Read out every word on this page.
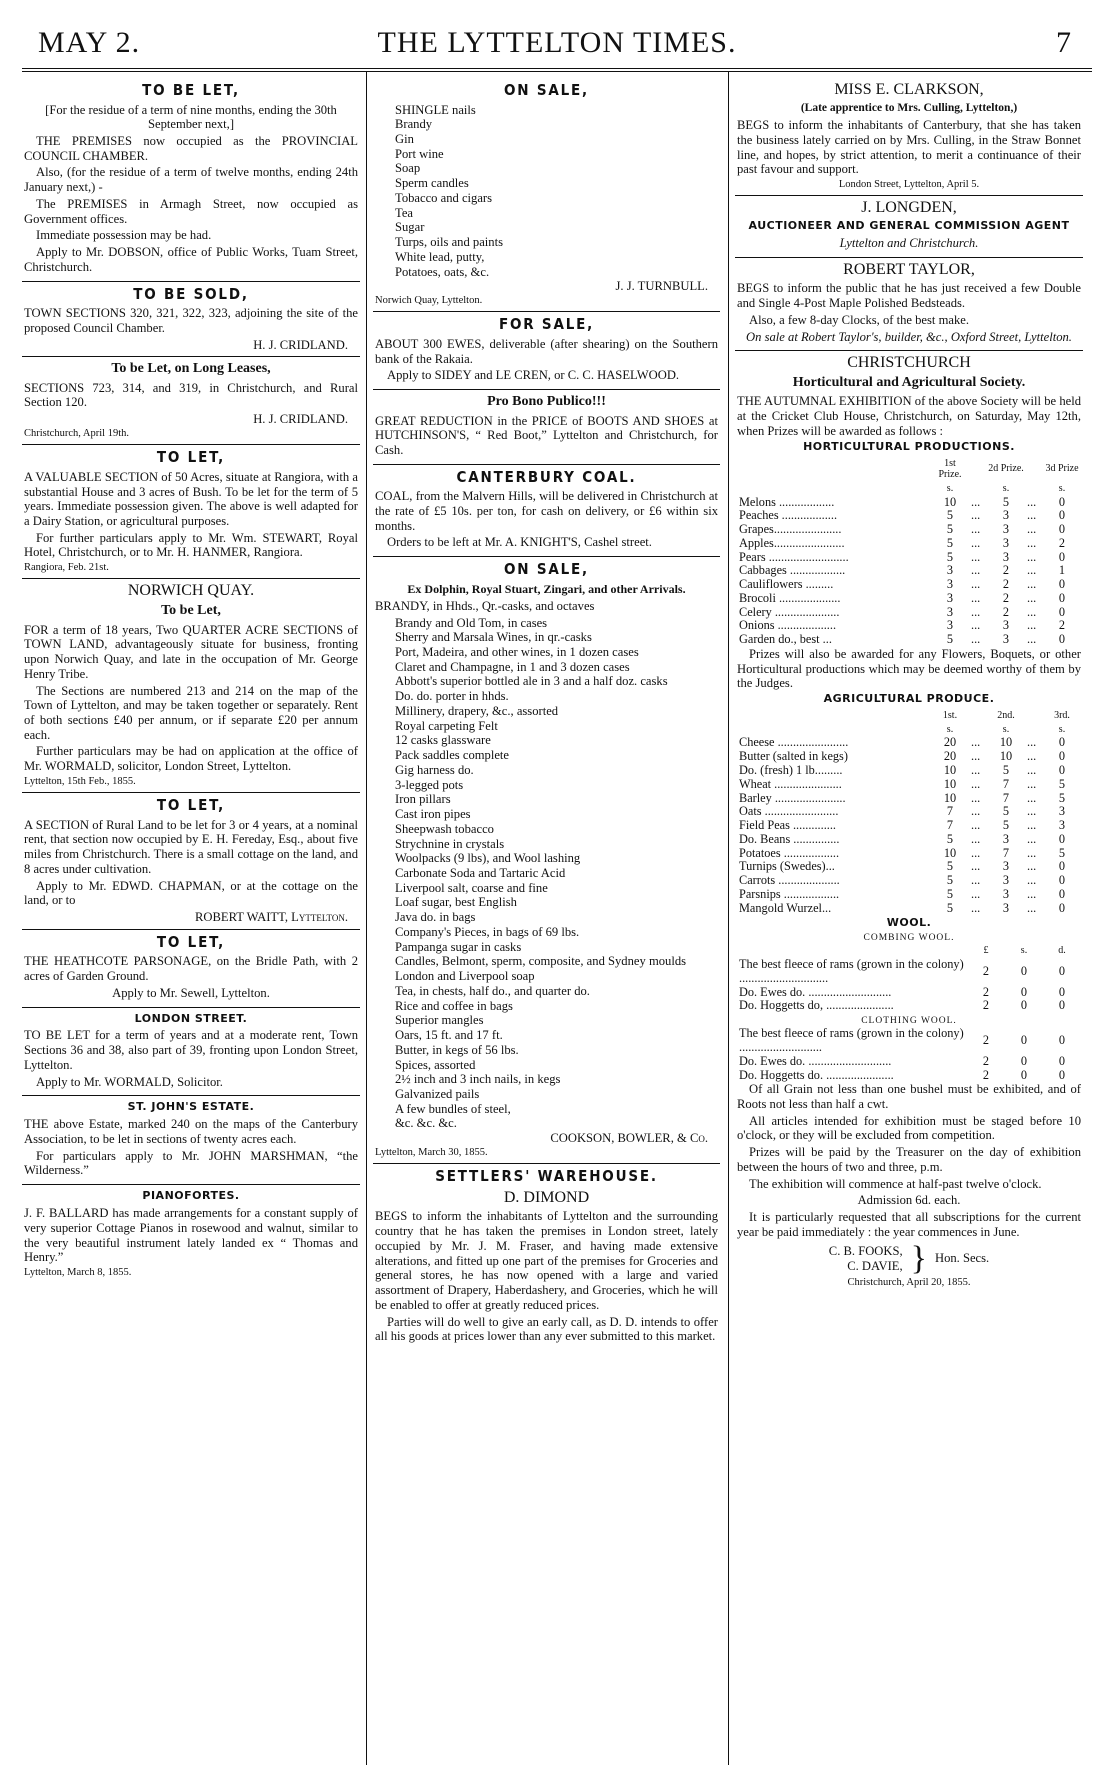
MAY 2.	THE LYTTELTON TIMES.	7
TO BE LET,

[For the residue of a term of nine months, ending the 30th September next,]

THE PREMISES now occupied as the PROVINCIAL COUNCIL CHAMBER.

Also, (for the residue of a term of twelve months, ending 24th January next,) -

The PREMISES in Armagh Street, now occupied as Government offices.

Immediate possession may be had.

Apply to Mr. DOBSON, office of Public Works, Tuam Street, Christchurch.

TO BE SOLD,

TOWN SECTIONS 320, 321, 322, 323, adjoining the site of the proposed Council Chamber.

H. J. CRIDLAND.
To be Let, on Long Leases,

SECTIONS 723, 314, and 319, in Christchurch, and Rural Section 120.

H. J. CRIDLAND.
Christchurch, April 19th.
TO LET,

A VALUABLE SECTION of 50 Acres, situate at Rangiora, with a substantial House and 3 acres of Bush. To be let for the term of 5 years. Immediate possession given. The above is well adapted for a Dairy Station, or agricultural purposes.

For further particulars apply to Mr. Wm. STEWART, Royal Hotel, Christchurch, or to Mr. H. HANMER, Rangiora.

Rangiora, Feb. 21st.
NORWICH QUAY.
To be Let,

FOR a term of 18 years, Two QUARTER ACRE SECTIONS of TOWN LAND, advantageously situate for business, fronting upon Norwich Quay, and late in the occupation of Mr. George Henry Tribe.

The Sections are numbered 213 and 214 on the map of the Town of Lyttelton, and may be taken together or separately. Rent of both sections £40 per annum, or if separate £20 per annum each.

Further particulars may be had on application at the office of Mr. WORMALD, solicitor, London Street, Lyttelton.

Lyttelton, 15th Feb., 1855.
TO LET,

A SECTION of Rural Land to be let for 3 or 4 years, at a nominal rent, that section now occupied by E. H. Fereday, Esq., about five miles from Christchurch. There is a small cottage on the land, and 8 acres under cultivation.

Apply to Mr. EDWD. CHAPMAN, or at the cottage on the land, or to

ROBERT WAITT, Lyttelton.
TO LET,

THE HEATHCOTE PARSONAGE, on the Bridle Path, with 2 acres of Garden Ground.

Apply to Mr. Sewell, Lyttelton.

LONDON STREET.

TO BE LET for a term of years and at a moderate rent, Town Sections 36 and 38, also part of 39, fronting upon London Street, Lyttelton.

Apply to Mr. WORMALD, Solicitor.

ST. JOHN'S ESTATE.

THE above Estate, marked 240 on the maps of the Canterbury Association, to be let in sections of twenty acres each.

For particulars apply to Mr. JOHN MARSHMAN, “the Wilderness.”

PIANOFORTES.

J. F. BALLARD has made arrangements for a constant supply of very superior Cottage Pianos in rosewood and walnut, similar to the very beautiful instrument lately landed ex “ Thomas and Henry.”

Lyttelton, March 8, 1855.
ON SALE,
SHINGLE nails
Brandy
Gin
Port wine
Soap
Sperm candles
Tobacco and cigars
Tea
Sugar
Turps, oils and paints
White lead, putty,
Potatoes, oats, &c.
J. J. TURNBULL.
Norwich Quay, Lyttelton.
FOR SALE,

ABOUT 300 EWES, deliverable (after shearing) on the Southern bank of the Rakaia.

Apply to SIDEY and LE CREN, or C. C. HASELWOOD.

Pro Bono Publico!!!

GREAT REDUCTION in the PRICE of BOOTS AND SHOES at HUTCHINSON'S, “ Red Boot,” Lyttelton and Christchurch, for Cash.

CANTERBURY COAL.

COAL, from the Malvern Hills, will be delivered in Christchurch at the rate of £5 10s. per ton, for cash on delivery, or £6 within six months.

Orders to be left at Mr. A. KNIGHT'S, Cashel street.

ON SALE,
Ex Dolphin, Royal Stuart, Zingari, and other Arrivals.

BRANDY, in Hhds., Qr.-casks, and octaves

Brandy and Old Tom, in cases
Sherry and Marsala Wines, in qr.-casks
Port, Madeira, and other wines, in 1 dozen cases
Claret and Champagne, in 1 and 3 dozen cases
Abbott's superior bottled ale in 3 and a half doz. casks
Do. do. porter in hhds.
Millinery, drapery, &c., assorted
Royal carpeting Felt
12 casks glassware
Pack saddles complete
Gig harness do.
3-legged pots
Iron pillars
Cast iron pipes
Sheepwash tobacco
Strychnine in crystals
Woolpacks (9 lbs), and Wool lashing
Carbonate Soda and Tartaric Acid
Liverpool salt, coarse and fine
Loaf sugar, best English
Java do. in bags
Company's Pieces, in bags of 69 lbs.
Pampanga sugar in casks
Candles, Belmont, sperm, composite, and Sydney moulds
London and Liverpool soap
Tea, in chests, half do., and quarter do.
Rice and coffee in bags
Superior mangles
Oars, 15 ft. and 17 ft.
Butter, in kegs of 56 lbs.
Spices, assorted
2½ inch and 3 inch nails, in kegs
Galvanized pails
A few bundles of steel,
&c. &c. &c.
COOKSON, BOWLER, & Co.
Lyttelton, March 30, 1855.
SETTLERS' WAREHOUSE.
D. DIMOND

BEGS to inform the inhabitants of Lyttelton and the surrounding country that he has taken the premises in London street, lately occupied by Mr. J. M. Fraser, and having made extensive alterations, and fitted up one part of the premises for Groceries and general stores, he has now opened with a large and varied assortment of Drapery, Haberdashery, and Groceries, which he will be enabled to offer at greatly reduced prices.

Parties will do well to give an early call, as D. D. intends to offer all his goods at prices lower than any ever submitted to this market.

MISS E. CLARKSON,
(Late apprentice to Mrs. Culling, Lyttelton,)

BEGS to inform the inhabitants of Canterbury, that she has taken the business lately carried on by Mrs. Culling, in the Straw Bonnet line, and hopes, by strict attention, to merit a continuance of their past favour and support.

London Street, Lyttelton, April 5.
J. LONGDEN,
AUCTIONEER AND GENERAL COMMISSION AGENT

Lyttelton and Christchurch.

ROBERT TAYLOR,

BEGS to inform the public that he has just received a few Double and Single 4-Post Maple Polished Bedsteads.

Also, a few 8-day Clocks, of the best make.

On sale at Robert Taylor's, builder, &c., Oxford Street, Lyttelton.

CHRISTCHURCH
Horticultural and Agricultural Society.

THE AUTUMNAL EXHIBITION of the above Society will be held at the Cricket Club House, Christchurch, on Saturday, May 12th, when Prizes will be awarded as follows :

HORTICULTURAL PRODUCTIONS.
	1st Prize.		2d Prize.		3d Prize
	s.		s.		s.
Melons ..................	10	...	5	...	0
Peaches ..................	5	...	3	...	0
Grapes......................	5	...	3	...	0
Apples.......................	5	...	3	...	2
Pears ..........................	5	...	3	...	0
Cabbages ..................	3	...	2	...	1
Cauliflowers .........	3	...	2	...	0
Brocoli ....................	3	...	2	...	0
Celery .....................	3	...	2	...	0
Onions ...................	3	...	3	...	2
Garden do., best ...	5	...	3	...	0

Prizes will also be awarded for any Flowers, Boquets, or other Horticultural productions which may be deemed worthy of them by the Judges.

AGRICULTURAL PRODUCE.
	1st.		2nd.		3rd.
	s.		s.		s.
Cheese .......................	20	...	10	...	0
Butter (salted in kegs)	20	...	10	...	0
Do. (fresh) 1 lb.........	10	...	5	...	0
Wheat ......................	10	...	7	...	5
Barley .......................	10	...	7	...	5
Oats ........................	7	...	5	...	3
Field Peas ..............	7	...	5	...	3
Do. Beans ...............	5	...	3	...	0
Potatoes ..................	10	...	7	...	5
Turnips (Swedes)...	5	...	3	...	0
Carrots ....................	5	...	3	...	0
Parsnips ..................	5	...	3	...	0
Mangold Wurzel...	5	...	3	...	0
WOOL.
COMBING WOOL.
	£	s.	d.
The best fleece of rams (grown in the colony) .............................	2	0	0
Do. Ewes do. ...........................	2	0	0
Do. Hoggetts do, ......................	2	0	0
CLOTHING WOOL.
The best fleece of rams (grown in the colony) ...........................	2	0	0
Do. Ewes do. ...........................	2	0	0
Do. Hoggetts do. ......................	2	0	0

Of all Grain not less than one bushel must be exhibited, and of Roots not less than half a cwt.

All articles intended for exhibition must be staged before 10 o'clock, or they will be excluded from competition.

Prizes will be paid by the Treasurer on the day of exhibition between the hours of two and three, p.m.

The exhibition will commence at half-past twelve o'clock.

Admission 6d. each.

It is particularly requested that all subscriptions for the current year be paid immediately : the year commences in June.

C. B. FOOKS,
C. DAVIE, } Hon. Secs.
Christchurch, April 20, 1855.
